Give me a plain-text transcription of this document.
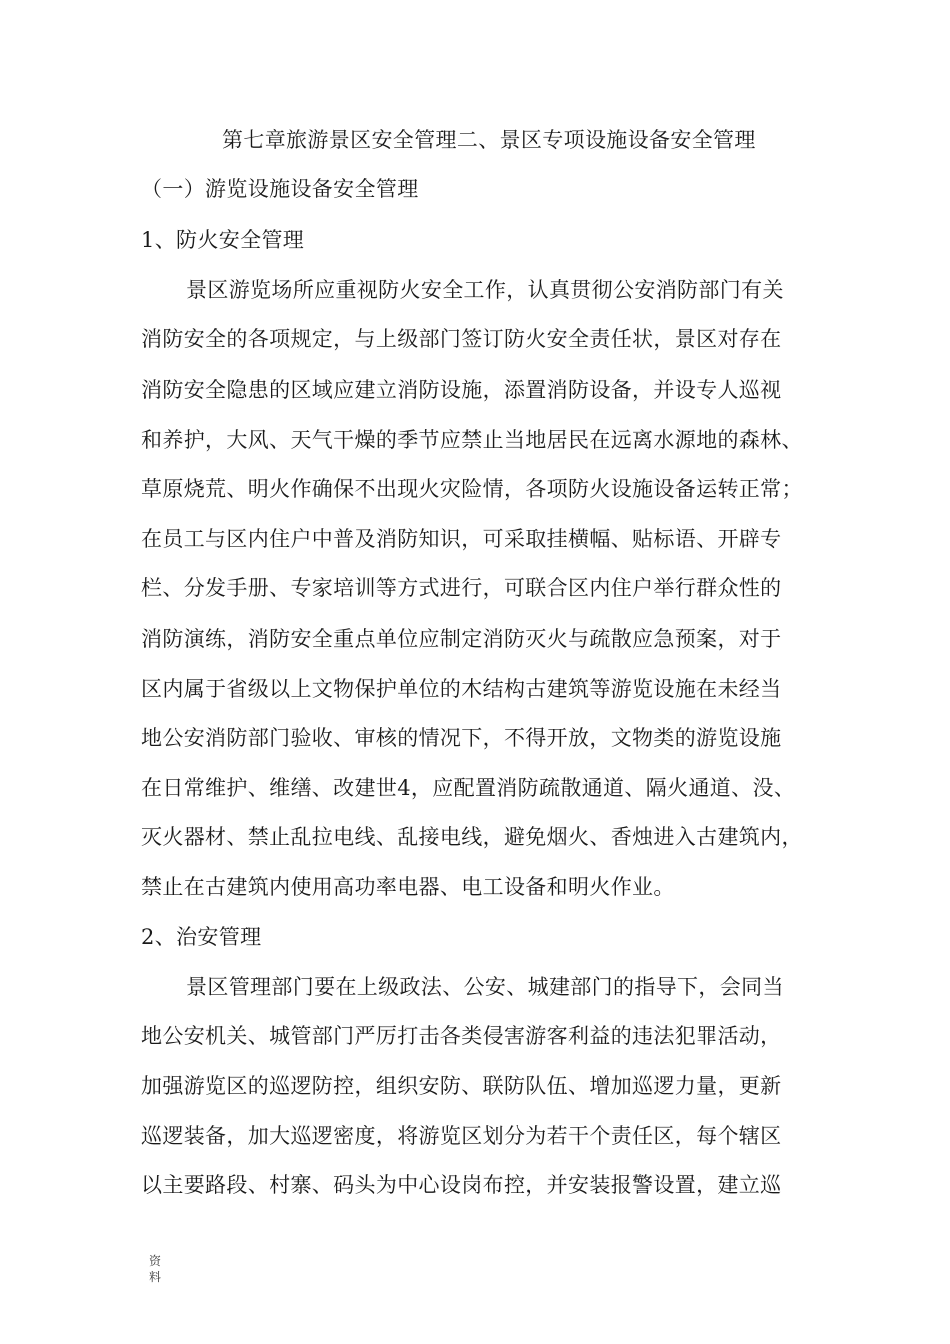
第七章旅游景区安全管理二、景区专项设施设备安全管理
（一）游览设施设备安全管理
1、防火安全管理
景区游览场所应重视防火安全工作，认真贯彻公安消防部门有关
消防安全的各项规定，与上级部门签订防火安全责任状，景区对存在
消防安全隐患的区域应建立消防设施，添置消防设备，并设专人巡视
和养护，大风、天气干燥的季节应禁止当地居民在远离水源地的森林、
草原烧荒、明火作确保不出现火灾险情，各项防火设施设备运转正常；
在员工与区内住户中普及消防知识，可采取挂横幅、贴标语、开辟专
栏、分发手册、专家培训等方式进行，可联合区内住户举行群众性的
消防演练，消防安全重点单位应制定消防灭火与疏散应急预案，对于
区内属于省级以上文物保护单位的木结构古建筑等游览设施在未经当
地公安消防部门验收、审核的情况下，不得开放，文物类的游览设施
在日常维护、维缮、改建世4，应配置消防疏散通道、隔火通道、没、
灭火器材、禁止乱拉电线、乱接电线，避免烟火、香烛进入古建筑内，
禁止在古建筑内使用高功率电器、电工设备和明火作业。
2、治安管理
景区管理部门要在上级政法、公安、城建部门的指导下，会同当
地公安机关、城管部门严厉打击各类侵害游客利益的违法犯罪活动，
加强游览区的巡逻防控，组织安防、联防队伍、增加巡逻力量，更新
巡逻装备，加大巡逻密度，将游览区划分为若干个责任区，每个辖区
以主要路段、村寨、码头为中心设岗布控，并安装报警设置，建立巡
资料
